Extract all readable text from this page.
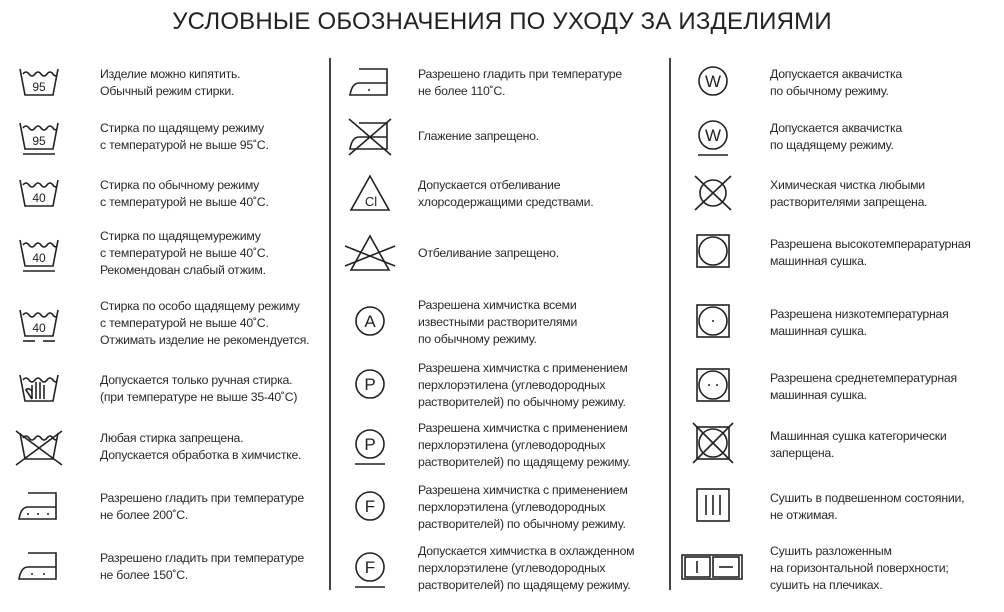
УСЛОВНЫЕ ОБОЗНАЧЕНИЯ ПО УХОДУ ЗА ИЗДЕЛИЯМИ
95
Изделие можно кипятить.
Обычный режим стирки.
95
Стирка по щадящему режиму
с температурой не выше 95˚С.
40
Стирка по обычному режиму
с температурой не выше 40˚С.
40
Стирка по щадящемурежиму
с температурой не выше 40˚С.
Рекомендован слабый отжим.
40
Стирка по особо щадящему режиму
с температурой не выше 40˚С.
Отжимать изделие не рекомендуется.
Допускается только ручная стирка.
(при температуре не выше 35-40˚С)
Любая стирка запрещена.
Допускается обработка в химчистке.
Разрешено гладить при температуре
не более 200˚С.
Разрешено гладить при температуре
не более 150˚С.
Разрешено гладить при температуре
не более 110˚С.
Глажение запрещено.
Cl
Допускается отбеливание
хлорсодержащими средствами.
Отбеливание запрещено.
A
Разрешена химчистка всеми
известными растворителями
по обычному режиму.
P
Разрешена химчистка с применением
перхлорэтилена (углеводородных
растворителей) по обычному режиму.
P
Разрешена химчистка с применением
перхлорэтилена (углеводородных
растворителей) по щадящему режиму.
F
Разрешена химчистка с применением
перхлорэтилена (углеводородных
растворителей) по обычному режиму.
F
Допускается химчистка в охлажденном
перхлорэтилене (углеводородных
растворителей) по щадящему режиму.
W	Допускается аквачистка
по обычному режиму.
W	Допускается аквачистка
по щадящему режиму.
Химическая чистка любыми
растворителями запрещена.
Разрешена высокотемперaратурная
машинная сушка.
Разрешена низкотемпературная
машинная сушка.
Разрешена среднетемпературная
машинная сушка.
Машинная сушка категорически
заперщена.
Сушить в подвешенном состоянии,
не отжимая.
Сушить разложенным
на горизонтальной поверхности;
сушить на плечиках.
